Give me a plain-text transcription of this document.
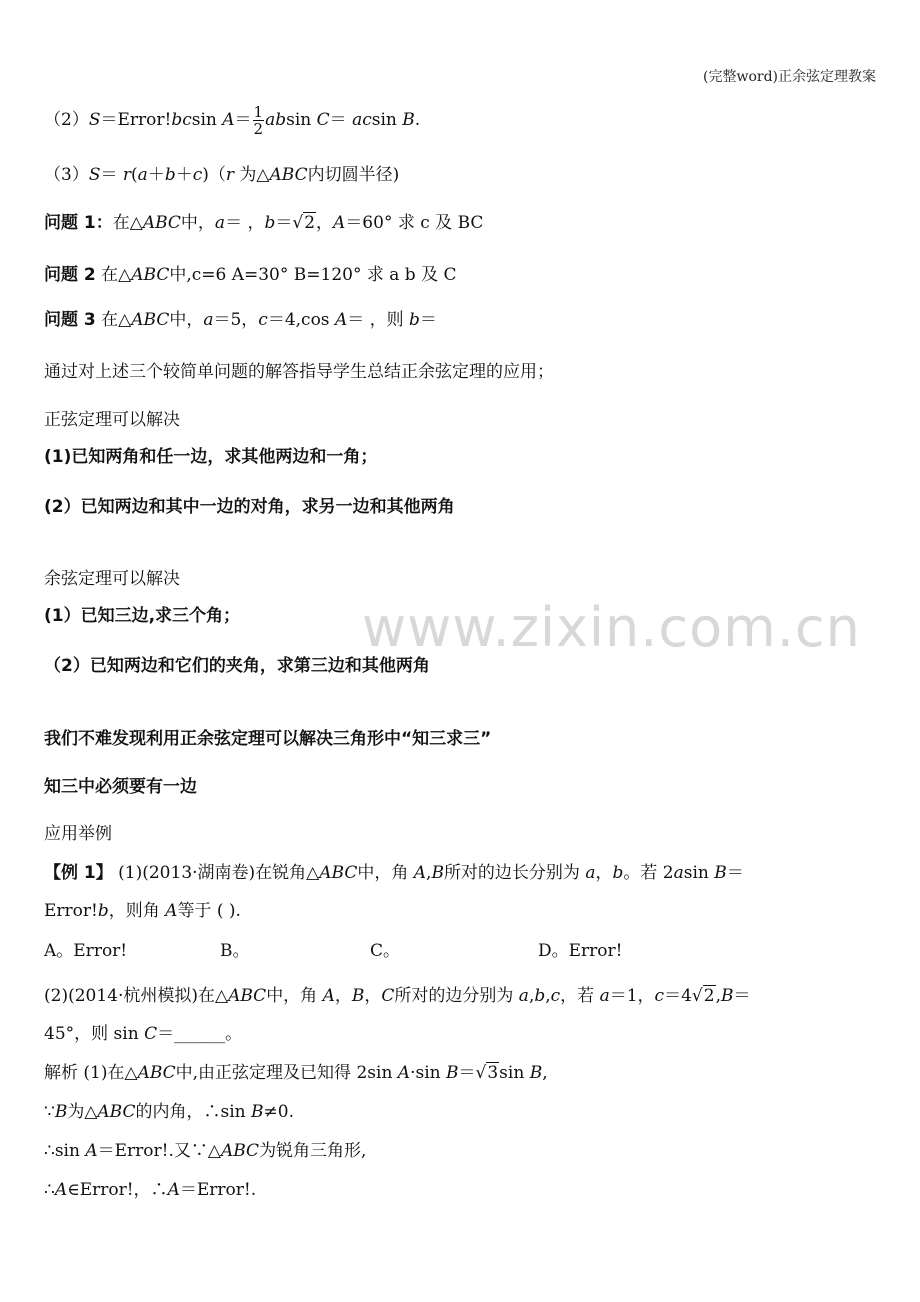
(完整word)正余弦定理教案
（2）S＝Error!bcsin $A= \frac{1}{2}$ absin C＝ acsin B.
（3）S＝ r(a＋b＋c)（r 为△ABC内切圆半径)
问题 1：在△ABC中，a＝ ，b＝√2，A＝60° 求 c 及 BC
问题 2 在△ABC中,c=6 A=30° B=120° 求 a b 及 C
问题 3 在△ABC中，a＝5，c＝4,cos A＝ ，则 b＝
通过对上述三个较简单问题的解答指导学生总结正余弦定理的应用；
正弦定理可以解决
(1)已知两角和任一边，求其他两边和一角；
(2）已知两边和其中一边的对角，求另一边和其他两角
余弦定理可以解决
(1）已知三边,求三个角；
（2）已知两边和它们的夹角，求第三边和其他两角
我们不难发现利用正余弦定理可以解决三角形中“知三求三”
知三中必须要有一边
应用举例
【例 1】 (1)(2013·湖南卷)在锐角△ABC中，角 A,B所对的边长分别为 a，b。若 2asin B＝
Error!b，则角 A等于 ( ).
A。Error!	B。	C。	D。Error!
(2)(2014·杭州模拟)在△ABC中，角 A，B，C所对的边分别为 a,b,c，若 a＝1，c＝4√2,B＝
45°，则 sin C＝______。
解析 (1)在△ABC中,由正弦定理及已知得 2sin A·sin B＝√3sin B,
∵B为△ABC的内角，∴sin B≠0.
∴sin A＝Error!.又∵△ABC为锐角三角形,
∴A∈Error!，∴A＝Error!.
www.zixin.com.cn
